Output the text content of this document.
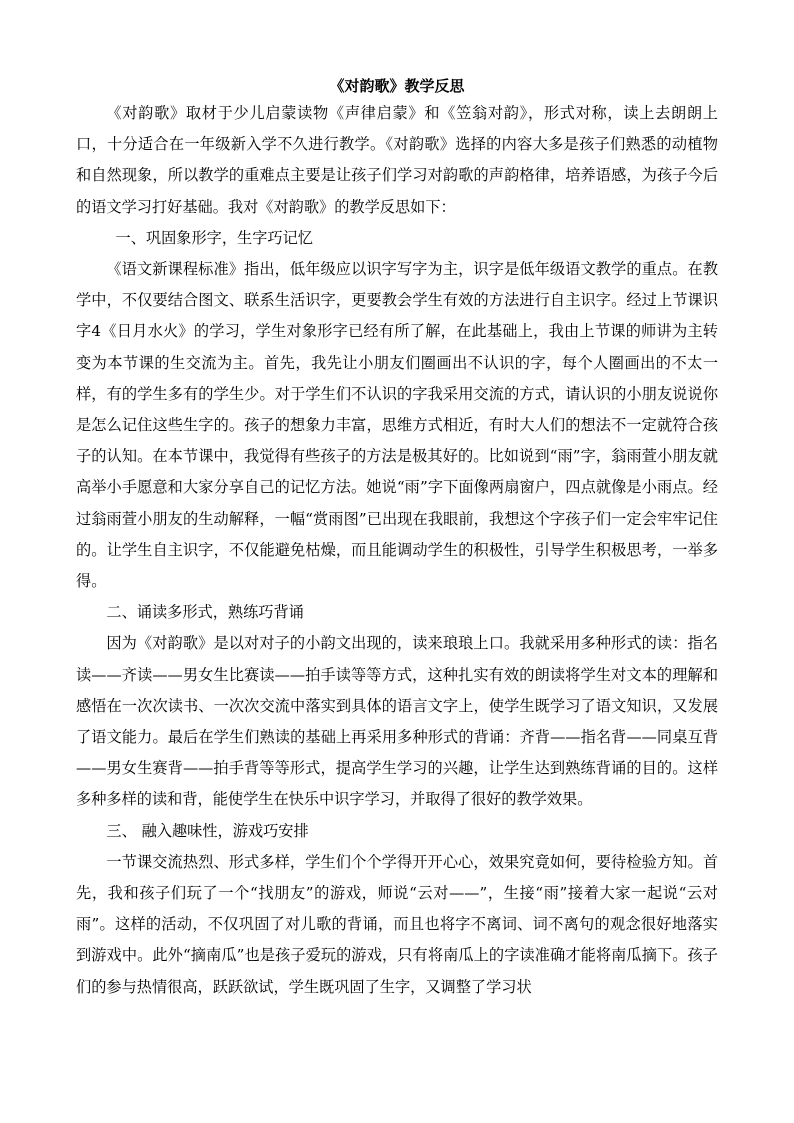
《对韵歌》教学反思

《对韵歌》取材于少儿启蒙读物《声律启蒙》和《笠翁对韵》，形式对称，读上去朗朗上口，十分适合在一年级新入学不久进行教学。《对韵歌》选择的内容大多是孩子们熟悉的动植物和自然现象，所以教学的重难点主要是让孩子们学习对韵歌的声韵格律，培养语感，为孩子今后的语文学习打好基础。我对《对韵歌》的教学反思如下：

一、巩固象形字，生字巧记忆

《语文新课程标准》指出，低年级应以识字写字为主，识字是低年级语文教学的重点。在教学中，不仅要结合图文、联系生活识字，更要教会学生有效的方法进行自主识字。经过上节课识字4《日月水火》的学习，学生对象形字已经有所了解，在此基础上，我由上节课的师讲为主转变为本节课的生交流为主。首先，我先让小朋友们圈画出不认识的字，每个人圈画出的不太一样，有的学生多有的学生少。对于学生们不认识的字我采用交流的方式，请认识的小朋友说说你是怎么记住这些生字的。孩子的想象力丰富，思维方式相近，有时大人们的想法不一定就符合孩子的认知。在本节课中，我觉得有些孩子的方法是极其好的。比如说到“雨”字，翁雨萱小朋友就高举小手愿意和大家分享自己的记忆方法。她说“雨”字下面像两扇窗户，四点就像是小雨点。经过翁雨萱小朋友的生动解释，一幅“赏雨图”已出现在我眼前，我想这个字孩子们一定会牢牢记住的。让学生自主识字，不仅能避免枯燥，而且能调动学生的积极性，引导学生积极思考，一举多得。

二、诵读多形式，熟练巧背诵

因为《对韵歌》是以对对子的小韵文出现的，读来琅琅上口。我就采用多种形式的读：指名读——齐读——男女生比赛读——拍手读等等方式，这种扎实有效的朗读将学生对文本的理解和感悟在一次次读书、一次次交流中落实到具体的语言文字上，使学生既学习了语文知识，又发展了语文能力。最后在学生们熟读的基础上再采用多种形式的背诵：齐背——指名背——同桌互背——男女生赛背——拍手背等等形式，提高学生学习的兴趣，让学生达到熟练背诵的目的。这样多种多样的读和背，能使学生在快乐中识字学习，并取得了很好的教学效果。

三、 融入趣味性，游戏巧安排

一节课交流热烈、形式多样，学生们个个学得开开心心，效果究竟如何，要待检验方知。首先，我和孩子们玩了一个“找朋友”的游戏，师说“云对——”，生接“雨”接着大家一起说“云对雨”。这样的活动，不仅巩固了对儿歌的背诵，而且也将字不离词、词不离句的观念很好地落实到游戏中。此外“摘南瓜”也是孩子爱玩的游戏，只有将南瓜上的字读准确才能将南瓜摘下。孩子们的参与热情很高，跃跃欲试，学生既巩固了生字，又调整了学习状
